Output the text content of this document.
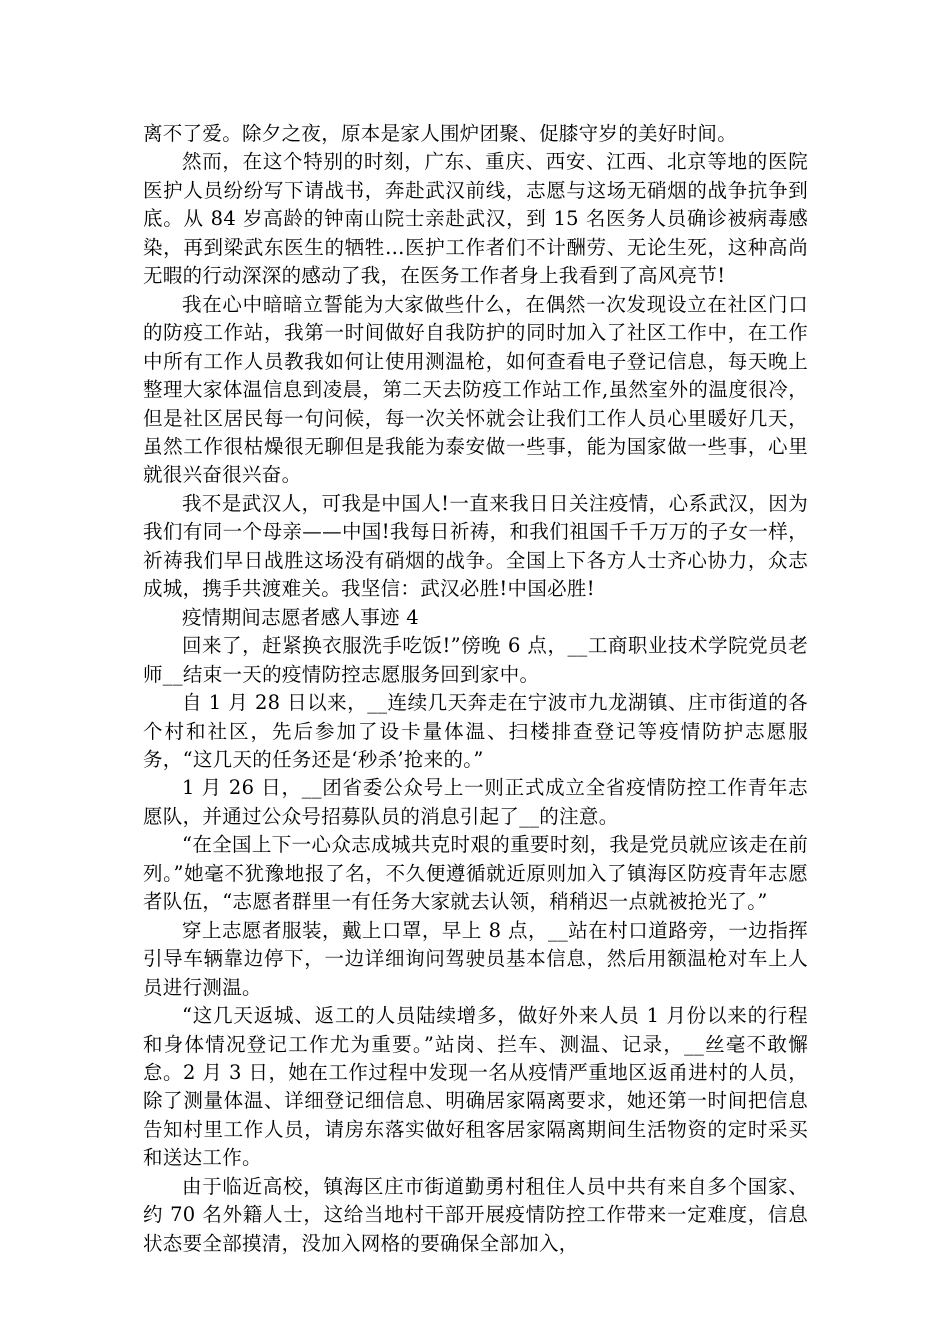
离不了爱。除夕之夜，原本是家人围炉团聚、促膝守岁的美好时间。

然而，在这个特别的时刻，广东、重庆、西安、江西、北京等地的医院医护人员纷纷写下请战书，奔赴武汉前线，志愿与这场无硝烟的战争抗争到底。从 84 岁高龄的钟南山院士亲赴武汉，到 15 名医务人员确诊被病毒感染，再到梁武东医生的牺牲…医护工作者们不计酬劳、无论生死，这种高尚无暇的行动深深的感动了我，在医务工作者身上我看到了高风亮节!

我在心中暗暗立誓能为大家做些什么，在偶然一次发现设立在社区门口的防疫工作站，我第一时间做好自我防护的同时加入了社区工作中，在工作中所有工作人员教我如何让使用测温枪，如何查看电子登记信息，每天晚上整理大家体温信息到凌晨，第二天去防疫工作站工作,虽然室外的温度很冷，但是社区居民每一句问候，每一次关怀就会让我们工作人员心里暖好几天，虽然工作很枯燥很无聊但是我能为泰安做一些事，能为国家做一些事，心里就很兴奋很兴奋。

我不是武汉人，可我是中国人!一直来我日日关注疫情，心系武汉，因为我们有同一个母亲——中国!我每日祈祷，和我们祖国千千万万的子女一样，祈祷我们早日战胜这场没有硝烟的战争。全国上下各方人士齐心协力，众志成城，携手共渡难关。我坚信：武汉必胜!中国必胜!

疫情期间志愿者感人事迹 4

回来了，赶紧换衣服洗手吃饭!”傍晚 6 点，__工商职业技术学院党员老师__结束一天的疫情防控志愿服务回到家中。

自 1 月 28 日以来，__连续几天奔走在宁波市九龙湖镇、庄市街道的各个村和社区，先后参加了设卡量体温、扫楼排查登记等疫情防护志愿服务，“这几天的任务还是‘秒杀’抢来的。”

1 月 26 日，__团省委公众号上一则正式成立全省疫情防控工作青年志愿队，并通过公众号招募队员的消息引起了__的注意。

“在全国上下一心众志成城共克时艰的重要时刻，我是党员就应该走在前列。”她毫不犹豫地报了名，不久便遵循就近原则加入了镇海区防疫青年志愿者队伍，“志愿者群里一有任务大家就去认领，稍稍迟一点就被抢光了。”

穿上志愿者服装，戴上口罩，早上 8 点，__站在村口道路旁，一边指挥引导车辆靠边停下，一边详细询问驾驶员基本信息，然后用额温枪对车上人员进行测温。

“这几天返城、返工的人员陆续增多，做好外来人员 1 月份以来的行程和身体情况登记工作尤为重要。”站岗、拦车、测温、记录，__丝毫不敢懈怠。2 月 3 日，她在工作过程中发现一名从疫情严重地区返甬进村的人员，除了测量体温、详细登记细信息、明确居家隔离要求，她还第一时间把信息告知村里工作人员，请房东落实做好租客居家隔离期间生活物资的定时采买和送达工作。

由于临近高校，镇海区庄市街道勤勇村租住人员中共有来自多个国家、约 70 名外籍人士，这给当地村干部开展疫情防控工作带来一定难度，信息状态要全部摸清，没加入网格的要确保全部加入，
